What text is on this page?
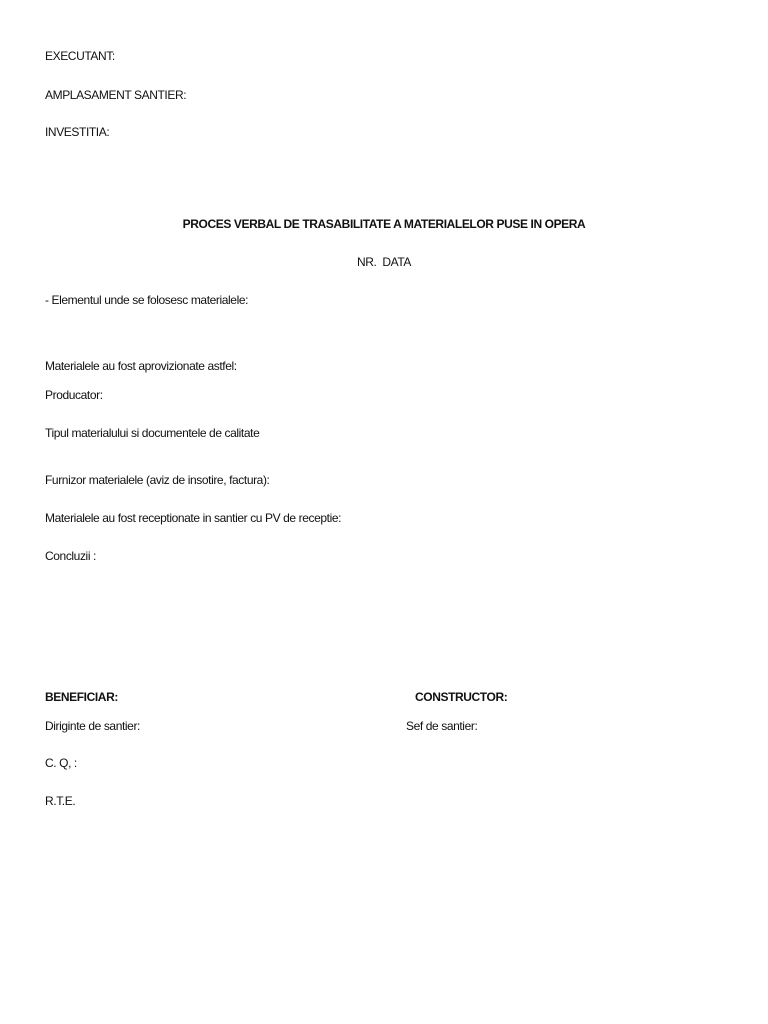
EXECUTANT:
AMPLASAMENT SANTIER:
INVESTITIA:
PROCES VERBAL DE TRASABILITATE A MATERIALELOR PUSE IN OPERA
NR.  DATA
- Elementul unde se folosesc materialele:
Materialele au fost aprovizionate astfel:
Producator:
Tipul materialului si documentele de calitate
Furnizor materialele (aviz de insotire, factura):
Materialele au fost receptionate in santier cu PV de receptie:
Concluzii :
BENEFICIAR:	CONSTRUCTOR:
Diriginte de santier:	Sef de santier:
C. Q, :
R.T.E.
